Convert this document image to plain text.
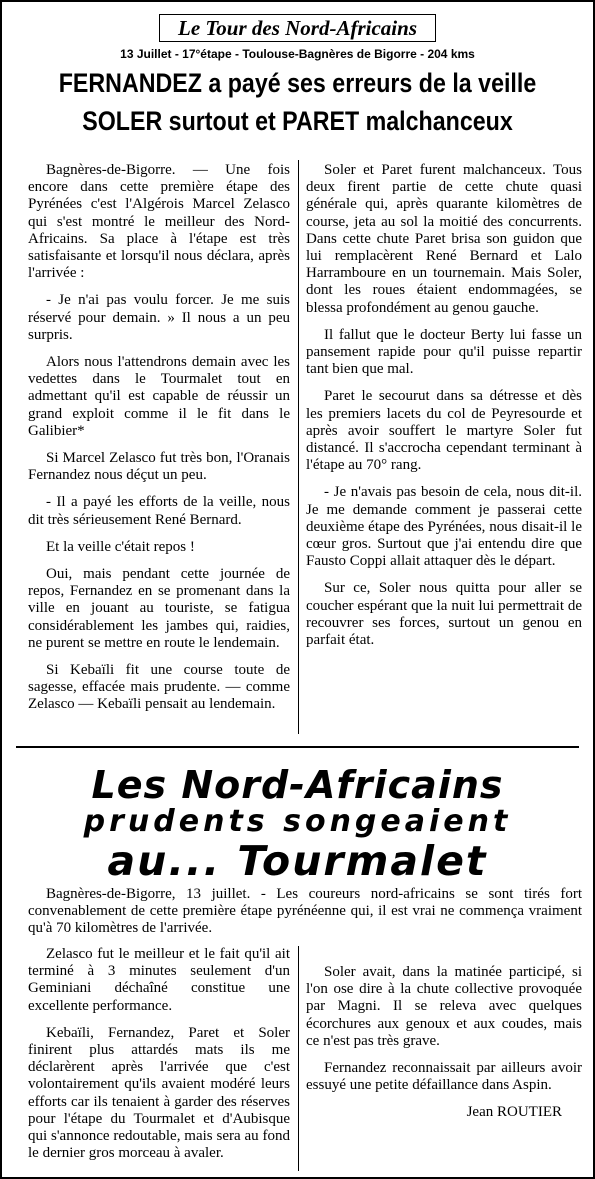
Le Tour des Nord-Africains
13 Juillet - 17°étape - Toulouse-Bagnères de Bigorre - 204 kms
FERNANDEZ a payé ses erreurs de la veille
SOLER surtout et PARET malchanceux

Bagnères-de-Bigorre. — Une fois encore dans cette première étape des Pyrénées c'est l'Algérois Marcel Zelasco qui s'est montré le meilleur des Nord-Africains. Sa place à l'étape est très satisfaisante et lorsqu'il nous déclara, après l'arrivée :

- Je n'ai pas voulu forcer. Je me suis réservé pour demain. » Il nous a un peu surpris.

Alors nous l'attendrons demain avec les vedettes dans le Tourmalet tout en admettant qu'il est capable de réussir un grand exploit comme il le fit dans le Galibier*

Si Marcel Zelasco fut très bon, l'Oranais Fernandez nous déçut un peu.

- Il a payé les efforts de la veille, nous dit très sérieusement René Bernard.

Et la veille c'était repos !

Oui, mais pendant cette journée de repos, Fernandez en se promenant dans la ville en jouant au touriste, se fatigua considérablement les jambes qui, raidies, ne purent se mettre en route le lendemain.

Si Kebaïli fit une course toute de sagesse, effacée mais prudente. — comme Zelasco — Kebaïli pensait au lendemain.

Soler et Paret furent malchanceux. Tous deux firent partie de cette chute quasi générale qui, après quarante kilomètres de course, jeta au sol la moitié des concurrents. Dans cette chute Paret brisa son guidon que lui remplacèrent René Bernard et Lalo Harramboure en un tournemain. Mais Soler, dont les roues étaient endommagées, se blessa profondément au genou gauche.

Il fallut que le docteur Berty lui fasse un pansement rapide pour qu'il puisse repartir tant bien que mal.

Paret le secourut dans sa détresse et dès les premiers lacets du col de Peyresourde et après avoir souffert le martyre Soler fut distancé. Il s'accrocha cependant terminant à l'étape au 70° rang.

- Je n'avais pas besoin de cela, nous dit-il. Je me demande comment je passerai cette deuxième étape des Pyrénées, nous disait-il le cœur gros. Surtout que j'ai entendu dire que Fausto Coppi allait attaquer dès le départ.

Sur ce, Soler nous quitta pour aller se coucher espérant que la nuit lui permettrait de recouvrer ses forces, surtout un genou en parfait état.

Les Nord-Africains
prudents songeaient
au... Tourmalet

Bagnères-de-Bigorre, 13 juillet. - Les coureurs nord-africains se sont tirés fort convenablement de cette première étape pyrénéenne qui, il est vrai ne commença vraiment qu'à 70 kilomètres de l'arrivée.

Zelasco fut le meilleur et le fait qu'il ait terminé à 3 minutes seulement d'un Geminiani déchaîné constitue une excellente performance.

Kebaïli, Fernandez, Paret et Soler finirent plus attardés mats ils me déclarèrent après l'arrivée que c'est volontairement qu'ils avaient modéré leurs efforts car ils tenaient à garder des réserves pour l'étape du Tourmalet et d'Aubisque qui s'annonce redoutable, mais sera au fond le dernier gros morceau à avaler.

Soler avait, dans la matinée participé, si l'on ose dire à la chute collective provoquée par Magni. Il se releva avec quelques écorchures aux genoux et aux coudes, mais ce n'est pas très grave.

Fernandez reconnaissait par ailleurs avoir essuyé une petite défaillance dans Aspin.

Jean ROUTIER
